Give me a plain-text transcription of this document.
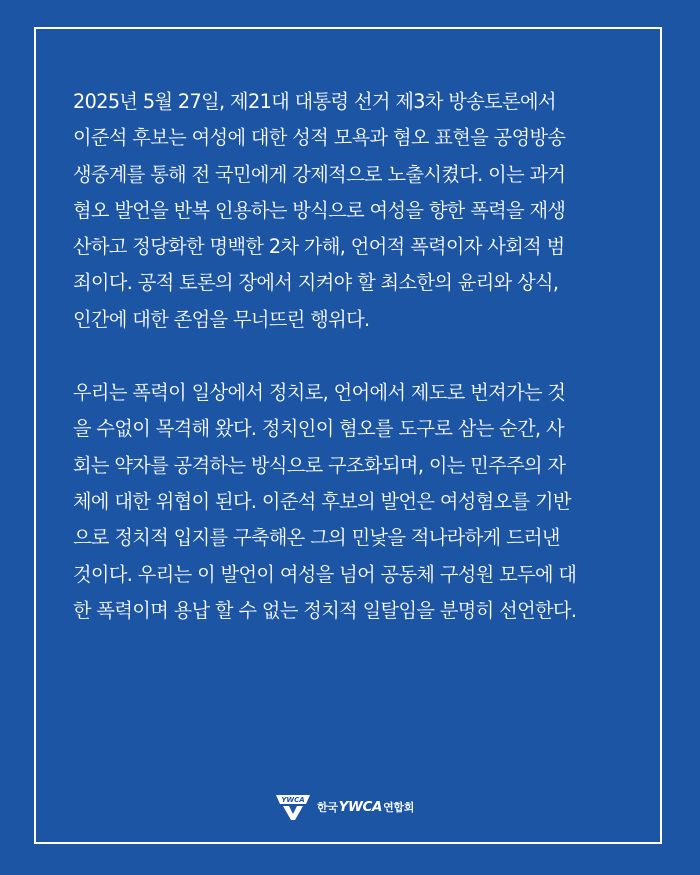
2025년 5월 27일, 제21대 대통령 선거 제3차 방송토론에서
이준석 후보는 여성에 대한 성적 모욕과 혐오 표현을 공영방송
생중계를 통해 전 국민에게 강제적으로 노출시켰다. 이는 과거
혐오 발언을 반복 인용하는 방식으로 여성을 향한 폭력을 재생
산하고 정당화한 명백한 2차 가해, 언어적 폭력이자 사회적 범
죄이다. 공적 토론의 장에서 지켜야 할 최소한의 윤리와 상식,
인간에 대한 존엄을 무너뜨린 행위다.

우리는 폭력이 일상에서 정치로, 언어에서 제도로 번져가는 것
을 수없이 목격해 왔다. 정치인이 혐오를 도구로 삼는 순간, 사
회는 약자를 공격하는 방식으로 구조화되며, 이는 민주주의 자
체에 대한 위협이 된다. 이준석 후보의 발언은 여성혐오를 기반
으로 정치적 입지를 구축해온 그의 민낯을 적나라하게 드러낸
것이다. 우리는 이 발언이 여성을 넘어 공동체 구성원 모두에 대
한 폭력이며 용납 할 수 없는 정치적 일탈임을 분명히 선언한다.

YWCA
한국 YWCA 연합회
